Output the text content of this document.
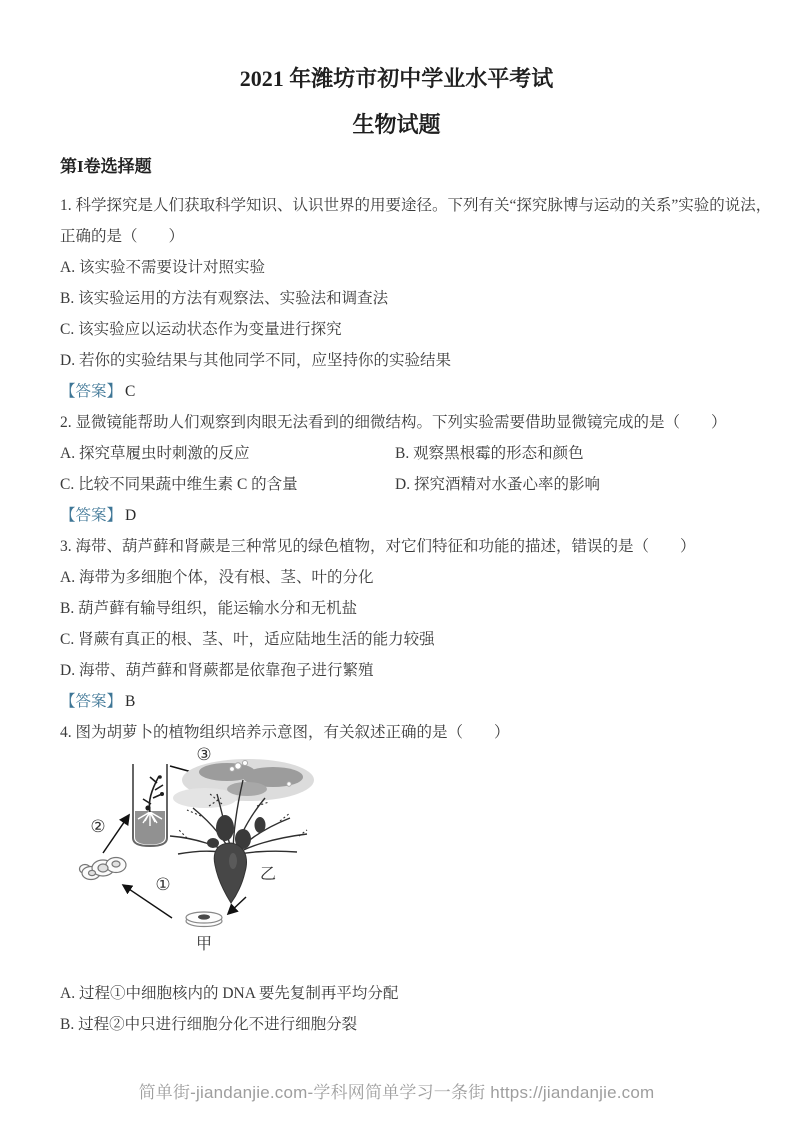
2021 年潍坊市初中学业水平考试
生物试题
第I卷选择题

1. 科学探究是人们获取科学知识、认识世界的用要途径。下列有关“探究脉博与运动的关系”实验的说法，

正确的是（　　）

A. 该实验不需要设计对照实验

B. 该实验运用的方法有观察法、实验法和调查法

C. 该实验应以运动状态作为变量进行探究

D. 若你的实验结果与其他同学不同，应坚持你的实验结果

【答案】 C

2. 显微镜能帮助人们观察到肉眼无法看到的细微结构。下列实验需要借助显微镜完成的是（　　）

A. 探究草履虫时刺激的反应	B. 观察黑根霉的形态和颜色

C. 比较不同果蔬中维生素 C 的含量	D. 探究酒精对水蚤心率的影响

【答案】 D

3. 海带、葫芦藓和肾蕨是三种常见的绿色植物，对它们特征和功能的描述，错误的是（　　）

A. 海带为多细胞个体，没有根、茎、叶的分化

B. 葫芦藓有输导组织，能运输水分和无机盐

C. 肾蕨有真正的根、茎、叶，适应陆地生活的能力较强

D. 海带、葫芦藓和肾蕨都是依靠孢子进行繁殖

【答案】 B

4. 图为胡萝卜的植物组织培养示意图，有关叙述正确的是（　　）

③
乙
甲
①
②

A. 过程①中细胞核内的 DNA 要先复制再平均分配

B. 过程②中只进行细胞分化不进行细胞分裂

简单街-jiandanjie.com-学科网简单学习一条街 https://jiandanjie.com
